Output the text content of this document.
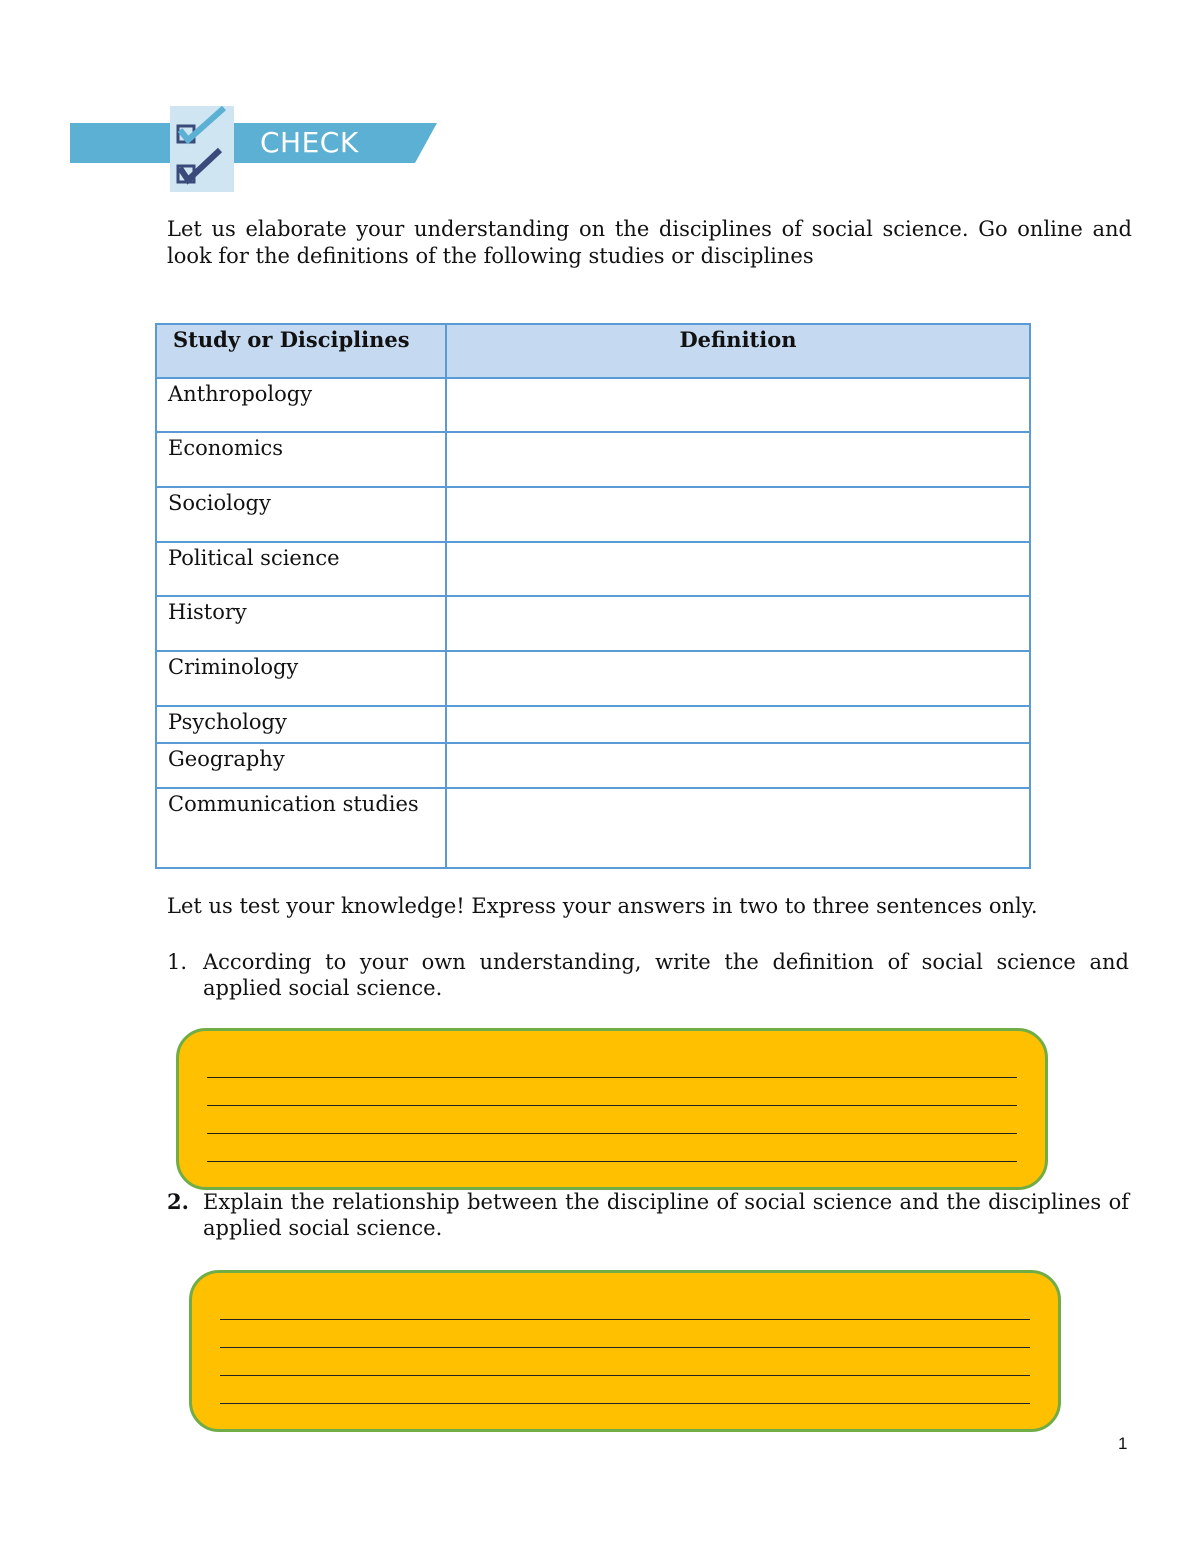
CHECK
Let us elaborate your understanding on the disciplines of social science. Go online and look for the definitions of the following studies or disciplines
Study or Disciplines	Definition
Anthropology	
Economics	
Sociology	
Political science	
History	
Criminology	
Psychology	
Geography	
Communication studies	
Let us test your knowledge! Express your answers in two to three sentences only.
1. According to your own understanding, write the definition of social science and applied social science.
2. Explain the relationship between the discipline of social science and the disciplines of applied social science.
1
